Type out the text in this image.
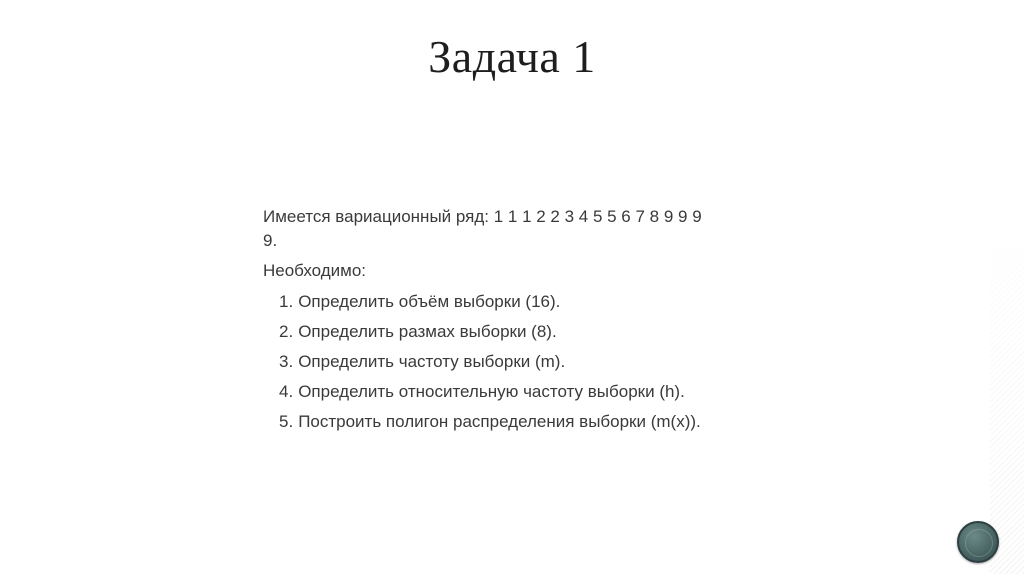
Задача 1

Имеется вариационный ряд: 1 1 1 2 2 3 4 5 5 6 7 8 9 9 9
9.

Необходимо:

1. Определить объём выборки (16).
2. Определить размах выборки (8).
3. Определить частоту выборки (m).
4. Определить относительную частоту выборки (h).
5. Построить полигон распределения выборки (m(x)).
